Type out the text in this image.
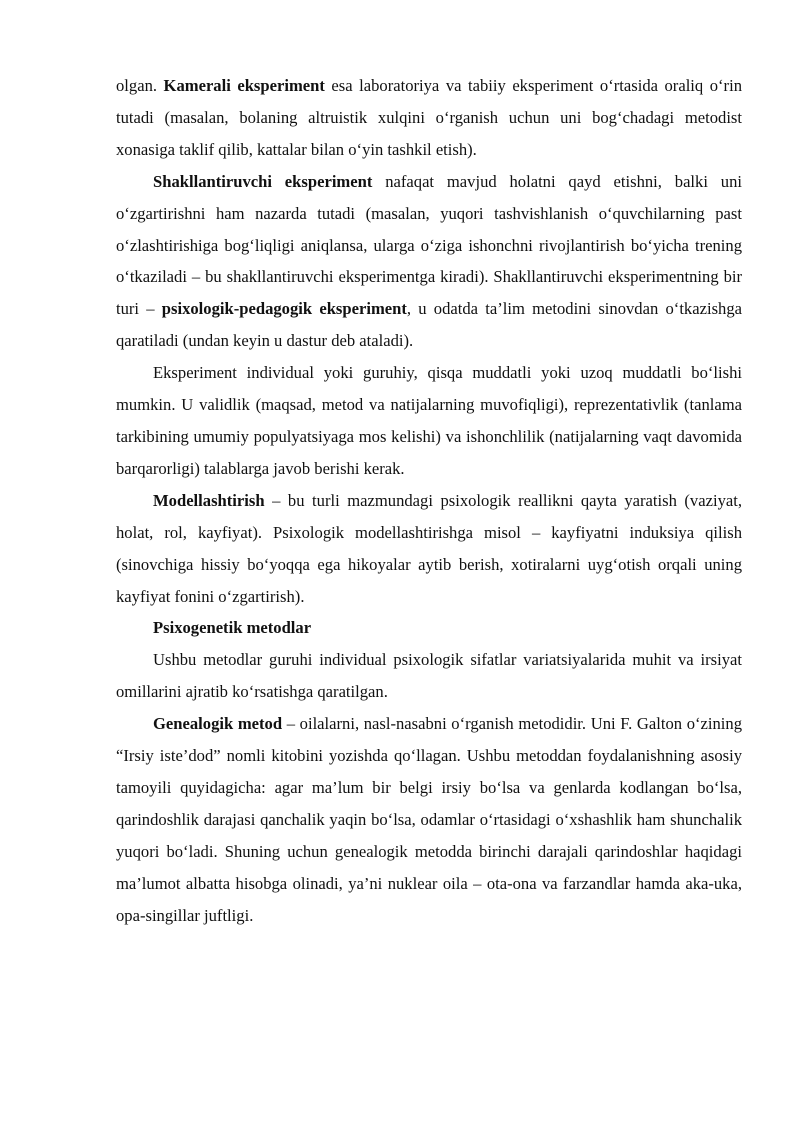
olgan. Kamerali eksperiment esa laboratoriya va tabiiy eksperiment o‘rtasida oraliq o‘rin tutadi (masalan, bolaning altruistik xulqini o‘rganish uchun uni bog‘chadagi metodist xonasiga taklif qilib, kattalar bilan o‘yin tashkil etish).

Shakllantiruvchi eksperiment nafaqat mavjud holatni qayd etishni, balki uni o‘zgartirishni ham nazarda tutadi (masalan, yuqori tashvishlanish o‘quvchilarning past o‘zlashtirishiga bog‘liqligi aniqlansa, ularga o‘ziga ishonchni rivojlantirish bo‘yicha trening o‘tkaziladi – bu shakllantiruvchi eksperimentga kiradi). Shakllantiruvchi eksperimentning bir turi – psixologik-pedagogik eksperiment, u odatda ta’lim metodini sinovdan o‘tkazishga qaratiladi (undan keyin u dastur deb ataladi).

Eksperiment individual yoki guruhiy, qisqa muddatli yoki uzoq muddatli bo‘lishi mumkin. U validlik (maqsad, metod va natijalarning muvofiqligi), reprezentativlik (tanlama tarkibining umumiy populyatsiyaga mos kelishi) va ishonchlilik (natijalarning vaqt davomida barqarorligi) talablarga javob berishi kerak.

Modellashtirish – bu turli mazmundagi psixologik reallikni qayta yaratish (vaziyat, holat, rol, kayfiyat). Psixologik modellashtirishga misol – kayfiyatni induksiya qilish (sinovchiga hissiy bo‘yoqqa ega hikoyalar aytib berish, xotiralarni uyg‘otish orqali uning kayfiyat fonini o‘zgartirish).

Psixogenetik metodlar

Ushbu metodlar guruhi individual psixologik sifatlar variatsiyalarida muhit va irsiyat omillarini ajratib ko‘rsatishga qaratilgan.

Genealogik metod – oilalarni, nasl-nasabni o‘rganish metodidir. Uni F. Galton o‘zining “Irsiy iste’dod” nomli kitobini yozishda qo‘llagan. Ushbu metoddan foydalanishning asosiy tamoyili quyidagicha: agar ma’lum bir belgi irsiy bo‘lsa va genlarda kodlangan bo‘lsa, qarindoshlik darajasi qanchalik yaqin bo‘lsa, odamlar o‘rtasidagi o‘xshashlik ham shunchalik yuqori bo‘ladi. Shuning uchun genealogik metodda birinchi darajali qarindoshlar haqidagi ma’lumot albatta hisobga olinadi, ya’ni nuklear oila – ota-ona va farzandlar hamda aka-uka, opa-singillar juftligi.
